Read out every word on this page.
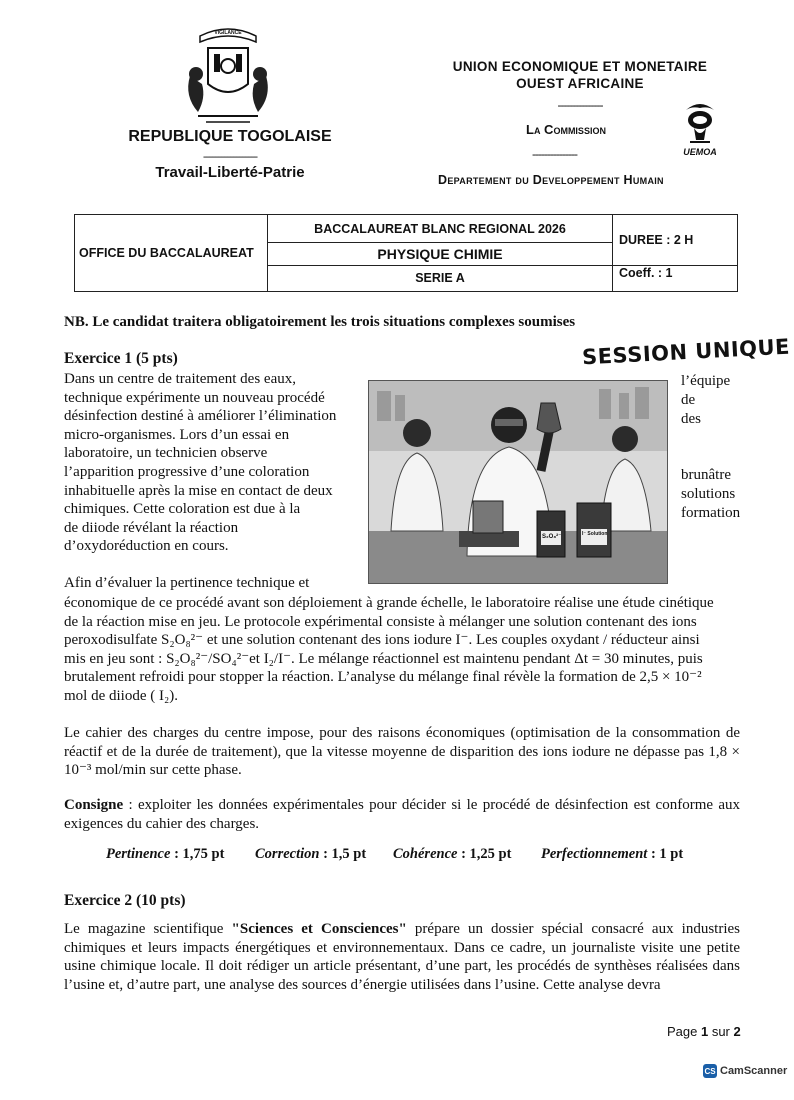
VIGILANCE
REPUBLIQUE TOGOLAISE
------------------
Travail-Liberté-Patrie
UNION ECONOMIQUE ET MONETAIRE
OUEST AFRICAINE
---------------
La Commission
---------------
Departement du Developpement Humain
UEMOA
OFFICE DU BACCALAUREAT	BACCALAUREAT BLANC REGIONAL 2026	DUREE : 2 H
	PHYSIQUE CHIMIE	
	SERIE A	Coeff. : 1
NB. Le candidat traitera obligatoirement les trois situations complexes soumises
Exercice 1 (5 pts)	SESSION UNIQUE
Dans un centre de traitement des eaux,
technique expérimente un nouveau procédé
désinfection destiné à améliorer l’élimination
micro-organismes. Lors d’un essai en
laboratoire, un technicien observe
l’apparition progressive d’une coloration
inhabituelle après la mise en contact de deux
chimiques. Cette coloration est due à la
de diiode révélant la réaction
d’oxydoréduction en cours.
l’équipe
de
des
brunâtre
solutions
formation
S₂O₈²⁻	I⁻ Solution
Afin d’évaluer la pertinence technique et
économique de ce procédé avant son déploiement à grande échelle, le laboratoire réalise une étude cinétique
de la réaction mise en jeu. Le protocole expérimental consiste à mélanger une solution contenant des ions
peroxodisulfate S₂O₈²⁻ et une solution contenant des ions iodure I⁻. Les couples oxydant / réducteur ainsi
mis en jeu sont : S₂O₈²⁻/SO₄²⁻et I₂/I⁻. Le mélange réactionnel est maintenu pendant Δt = 30 minutes, puis
brutalement refroidi pour stopper la réaction. L’analyse du mélange final révèle la formation de 2,5 × 10⁻²
mol de diiode ( I₂).
Le cahier des charges du centre impose, pour des raisons économiques (optimisation de la consommation de réactif et de la durée de traitement), que la vitesse moyenne de disparition des ions iodure ne dépasse pas 1,8 × 10⁻³ mol/min sur cette phase.
Consigne : exploiter les données expérimentales pour décider si le procédé de désinfection est conforme aux exigences du cahier des charges.
Pertinence : 1,75 pt Correction : 1,5 pt Cohérence : 1,25 pt Perfectionnement : 1 pt
Exercice 2 (10 pts)
Le magazine scientifique "Sciences et Consciences" prépare un dossier spécial consacré aux industries chimiques et leurs impacts énergétiques et environnementaux. Dans ce cadre, un journaliste visite une petite usine chimique locale. Il doit rédiger un article présentant, d’une part, les procédés de synthèses réalisées dans l’usine et, d’autre part, une analyse des sources d’énergie utilisées dans l’usine. Cette analyse devra
Page 1 sur 2
CS CamScanner
